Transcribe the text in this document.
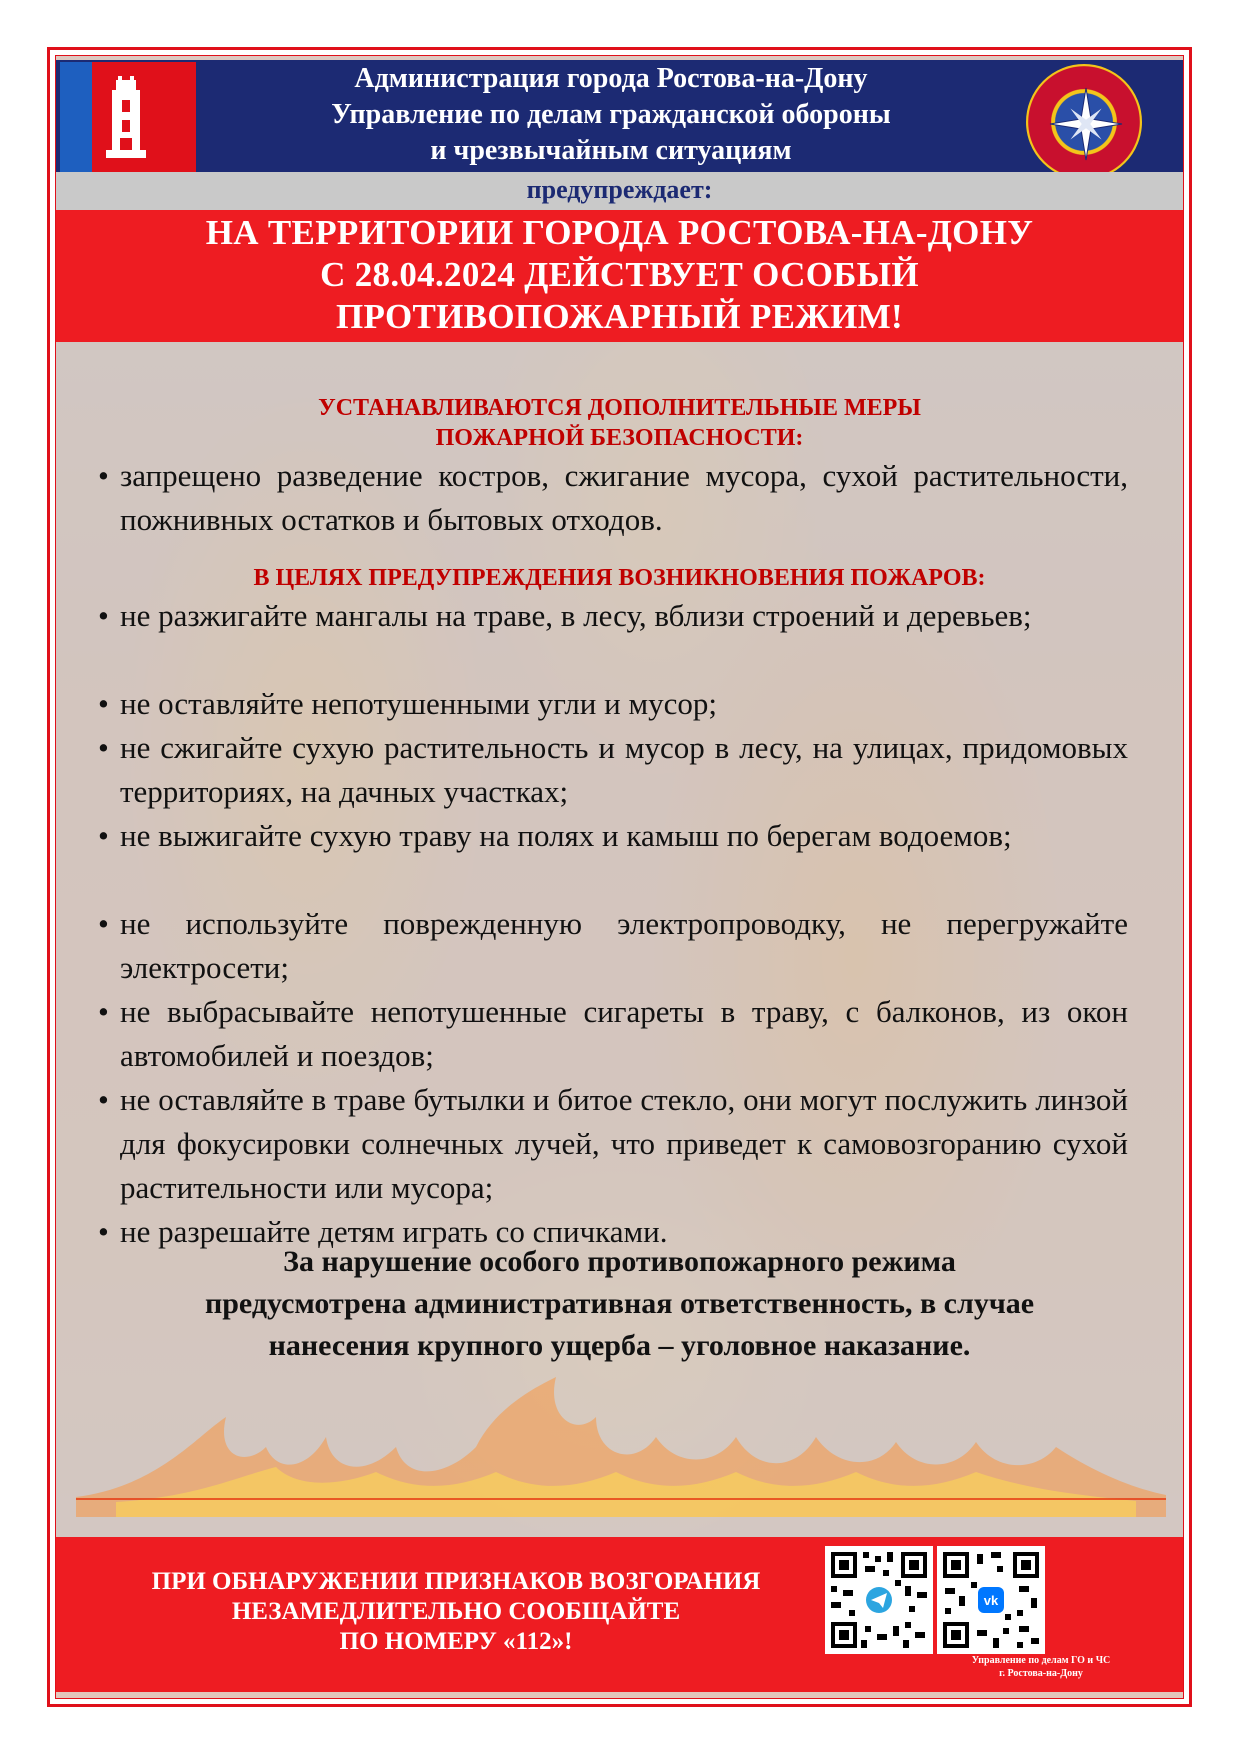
Администрация города Ростова-на-Дону
Управление по делам гражданской обороны
и чрезвычайным ситуациям
предупреждает:
НА ТЕРРИТОРИИ ГОРОДА РОСТОВА-НА-ДОНУ
С 28.04.2024 ДЕЙСТВУЕТ ОСОБЫЙ
ПРОТИВОПОЖАРНЫЙ РЕЖИМ!
УСТАНАВЛИВАЮТСЯ ДОПОЛНИТЕЛЬНЫЕ МЕРЫ
ПОЖАРНОЙ БЕЗОПАСНОСТИ:
• запрещено разведение костров, сжигание мусора, сухой растительности, пожнивных остатков и бытовых отходов.
В ЦЕЛЯХ ПРЕДУПРЕЖДЕНИЯ ВОЗНИКНОВЕНИЯ ПОЖАРОВ:
• не разжигайте мангалы на траве, в лесу, вблизи строений и деревьев;
• не оставляйте непотушенными угли и мусор;
• не сжигайте сухую растительность и мусор в лесу, на улицах, придомовых территориях, на дачных участках;
• не выжигайте сухую траву на полях и камыш по берегам водоемов;
• не используйте поврежденную электропроводку, не перегружайте электросети;
• не выбрасывайте непотушенные сигареты в траву, с балконов, из окон автомобилей и поездов;
• не оставляйте в траве бутылки и битое стекло, они могут послужить линзой для фокусировки солнечных лучей, что приведет к самовозгоранию сухой растительности или мусора;
• не разрешайте детям играть со спичками.
За нарушение особого противопожарного режима
предусмотрена административная ответственность, в случае
нанесения крупного ущерба – уголовное наказание.
ПРИ ОБНАРУЖЕНИИ ПРИЗНАКОВ ВОЗГОРАНИЯ
НЕЗАМЕДЛИТЕЛЬНО СООБЩАЙТЕ
ПО НОМЕРУ «112»!
Управление по делам ГО и ЧС
г. Ростова-на-Дону
vk
